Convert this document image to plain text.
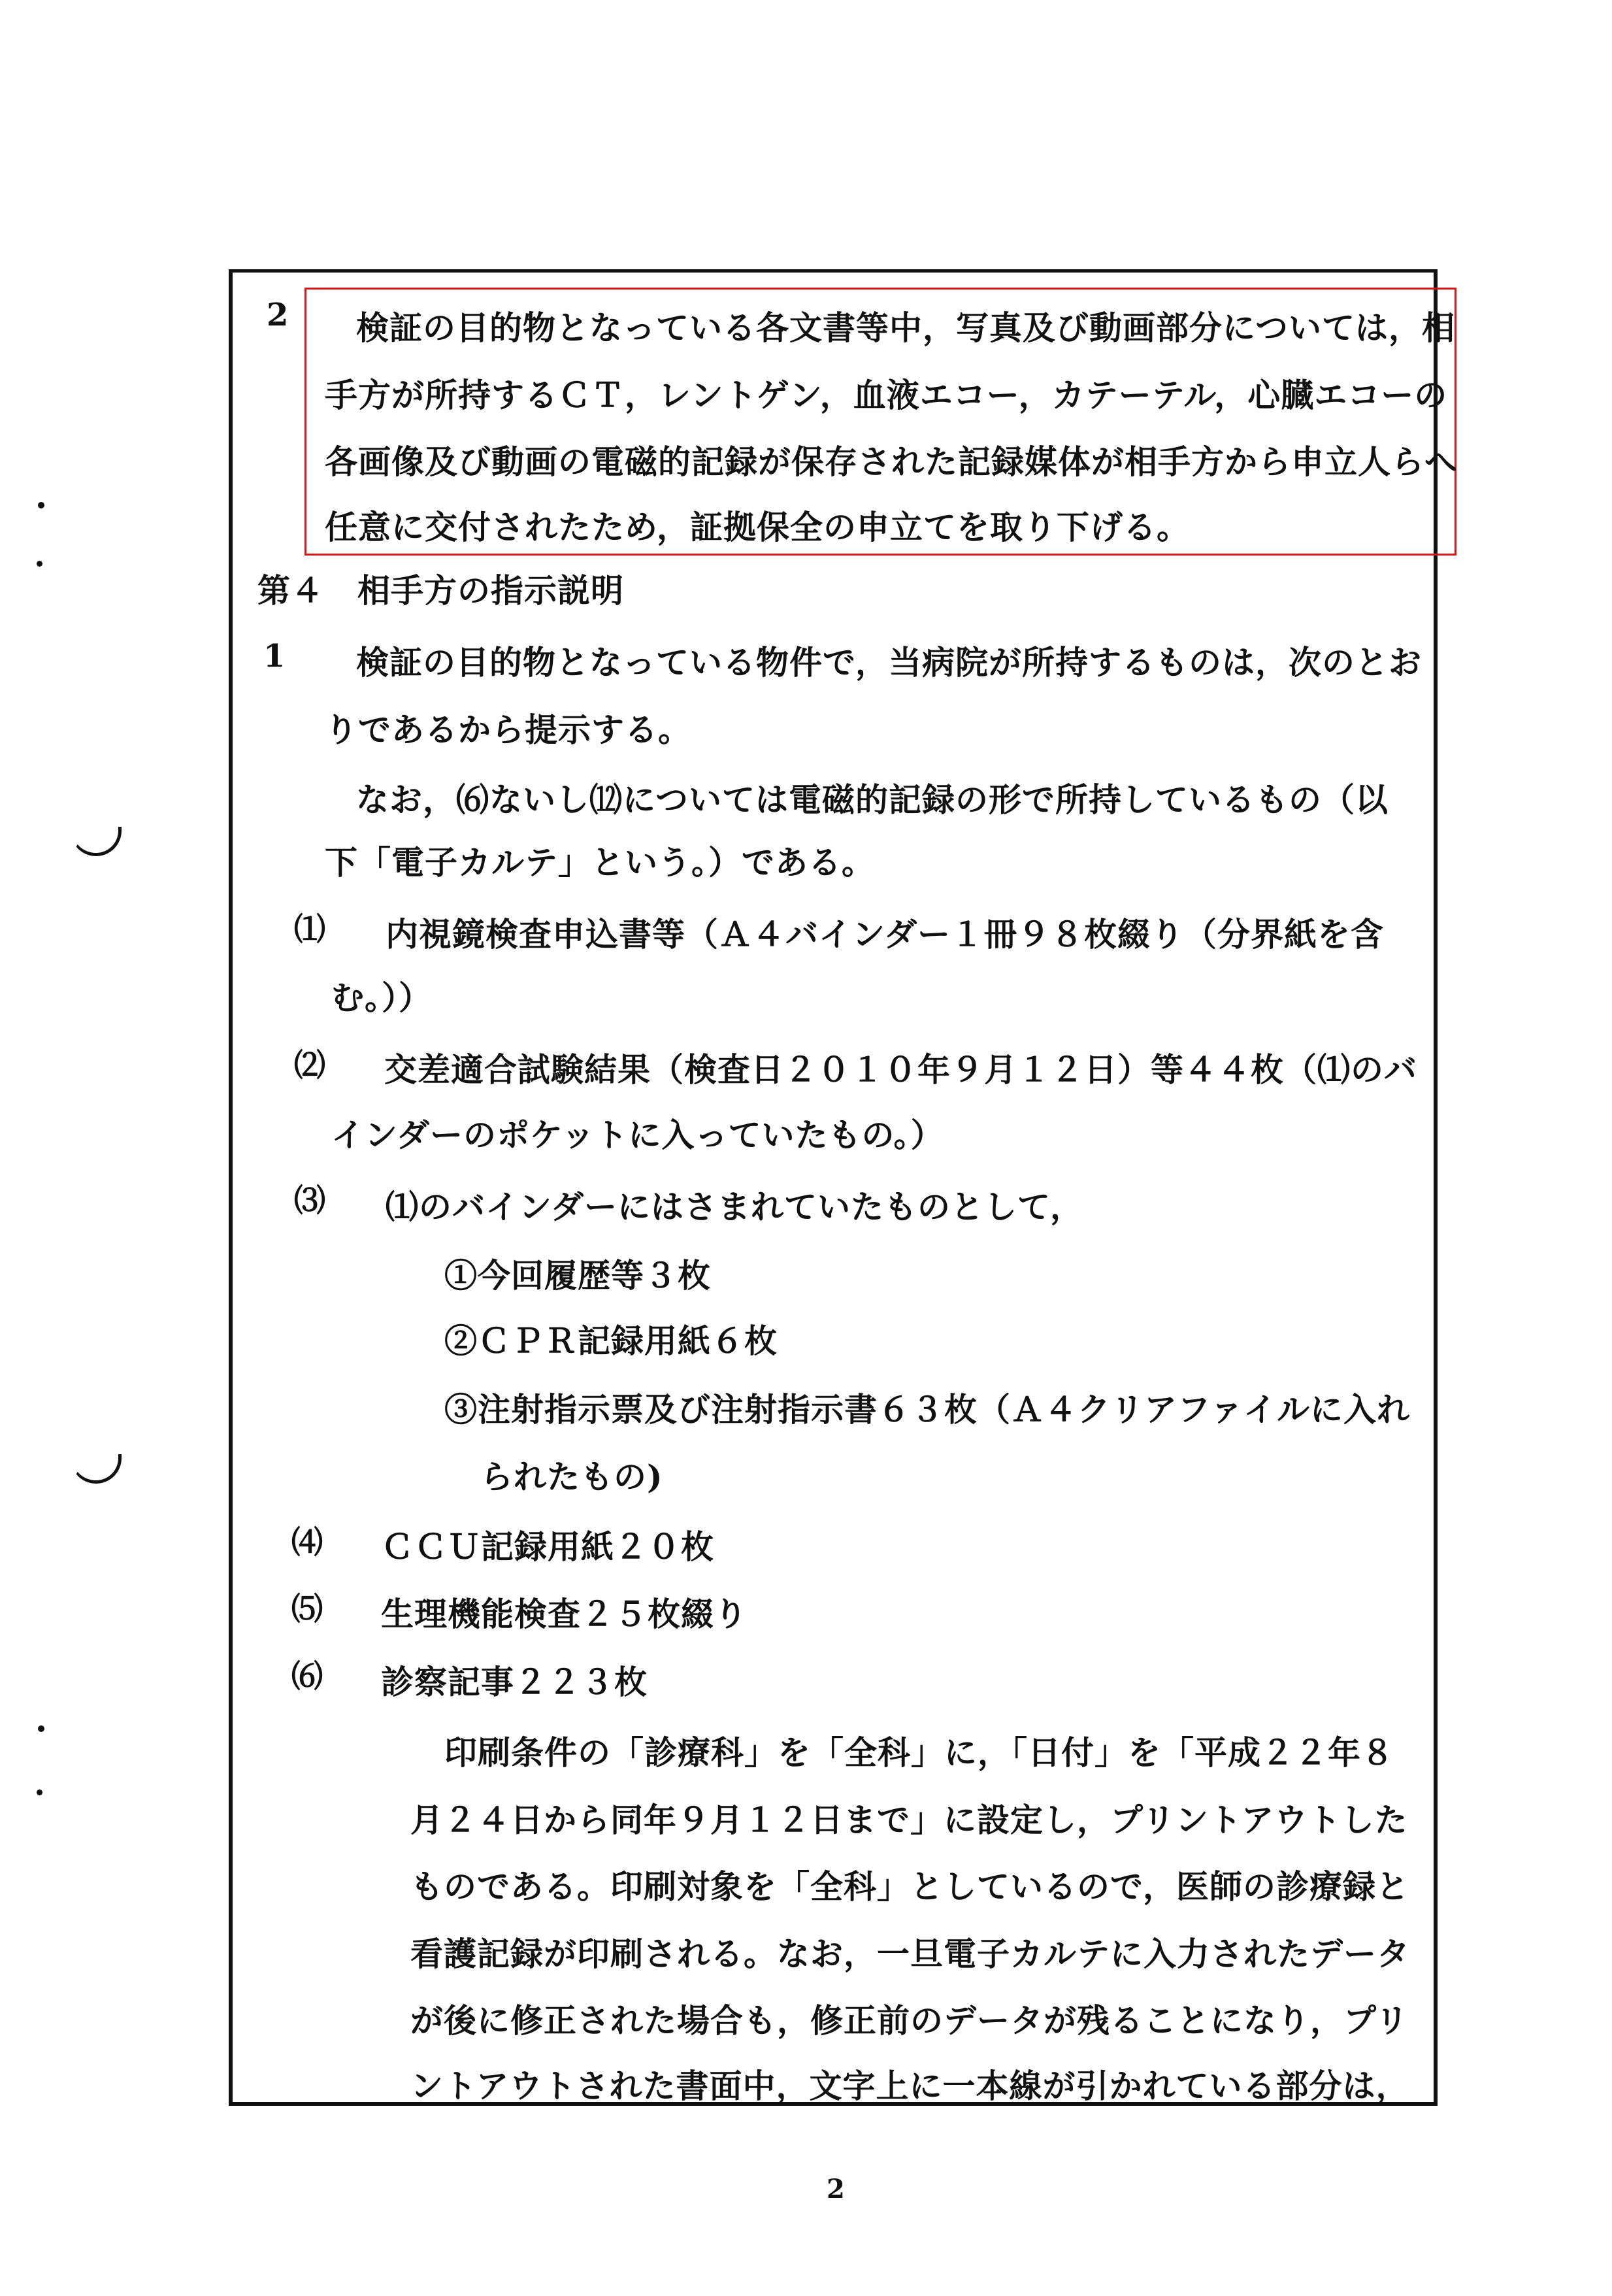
2 検証の目的物となっている各文書等中，写真及び動画部分については，相
手方が所持するＣＴ，レントゲン，血液エコー，カテーテル，心臓エコーの
各画像及び動画の電磁的記録が保存された記録媒体が相手方から申立人らへ
任意に交付されたため，証拠保全の申立てを取り下げる。
第４　相手方の指示説明
1 検証の目的物となっている物件で，当病院が所持するものは，次のとお
りであるから提示する。
なお，⑹ないし⑿については電磁的記録の形で所持しているもの（以
下「電子カルテ」という。）である。
⑴ 内視鏡検査申込書等（Ａ４バインダー１冊９８枚綴り（分界紙を含
む。））
⑵ 交差適合試験結果（検査日２０１０年９月１２日）等４４枚（⑴のバ
インダーのポケットに入っていたもの。）
⑶ ⑴のバインダーにはさまれていたものとして，
①今回履歴等３枚
②ＣＰＲ記録用紙６枚
③注射指示票及び注射指示書６３枚（Ａ４クリアファイルに入れ
られたもの)
⑷ ＣＣＵ記録用紙２０枚
⑸ 生理機能検査２５枚綴り
⑹ 診察記事２２３枚
印刷条件の「診療科」を「全科」に，「日付」を「平成２２年８
月２４日から同年９月１２日まで」に設定し，プリントアウトした
ものである。印刷対象を「全科」としているので，医師の診療録と
看護記録が印刷される。なお，一旦電子カルテに入力されたデータ
が後に修正された場合も，修正前のデータが残ることになり，プリ
ントアウトされた書面中，文字上に一本線が引かれている部分は，
2
